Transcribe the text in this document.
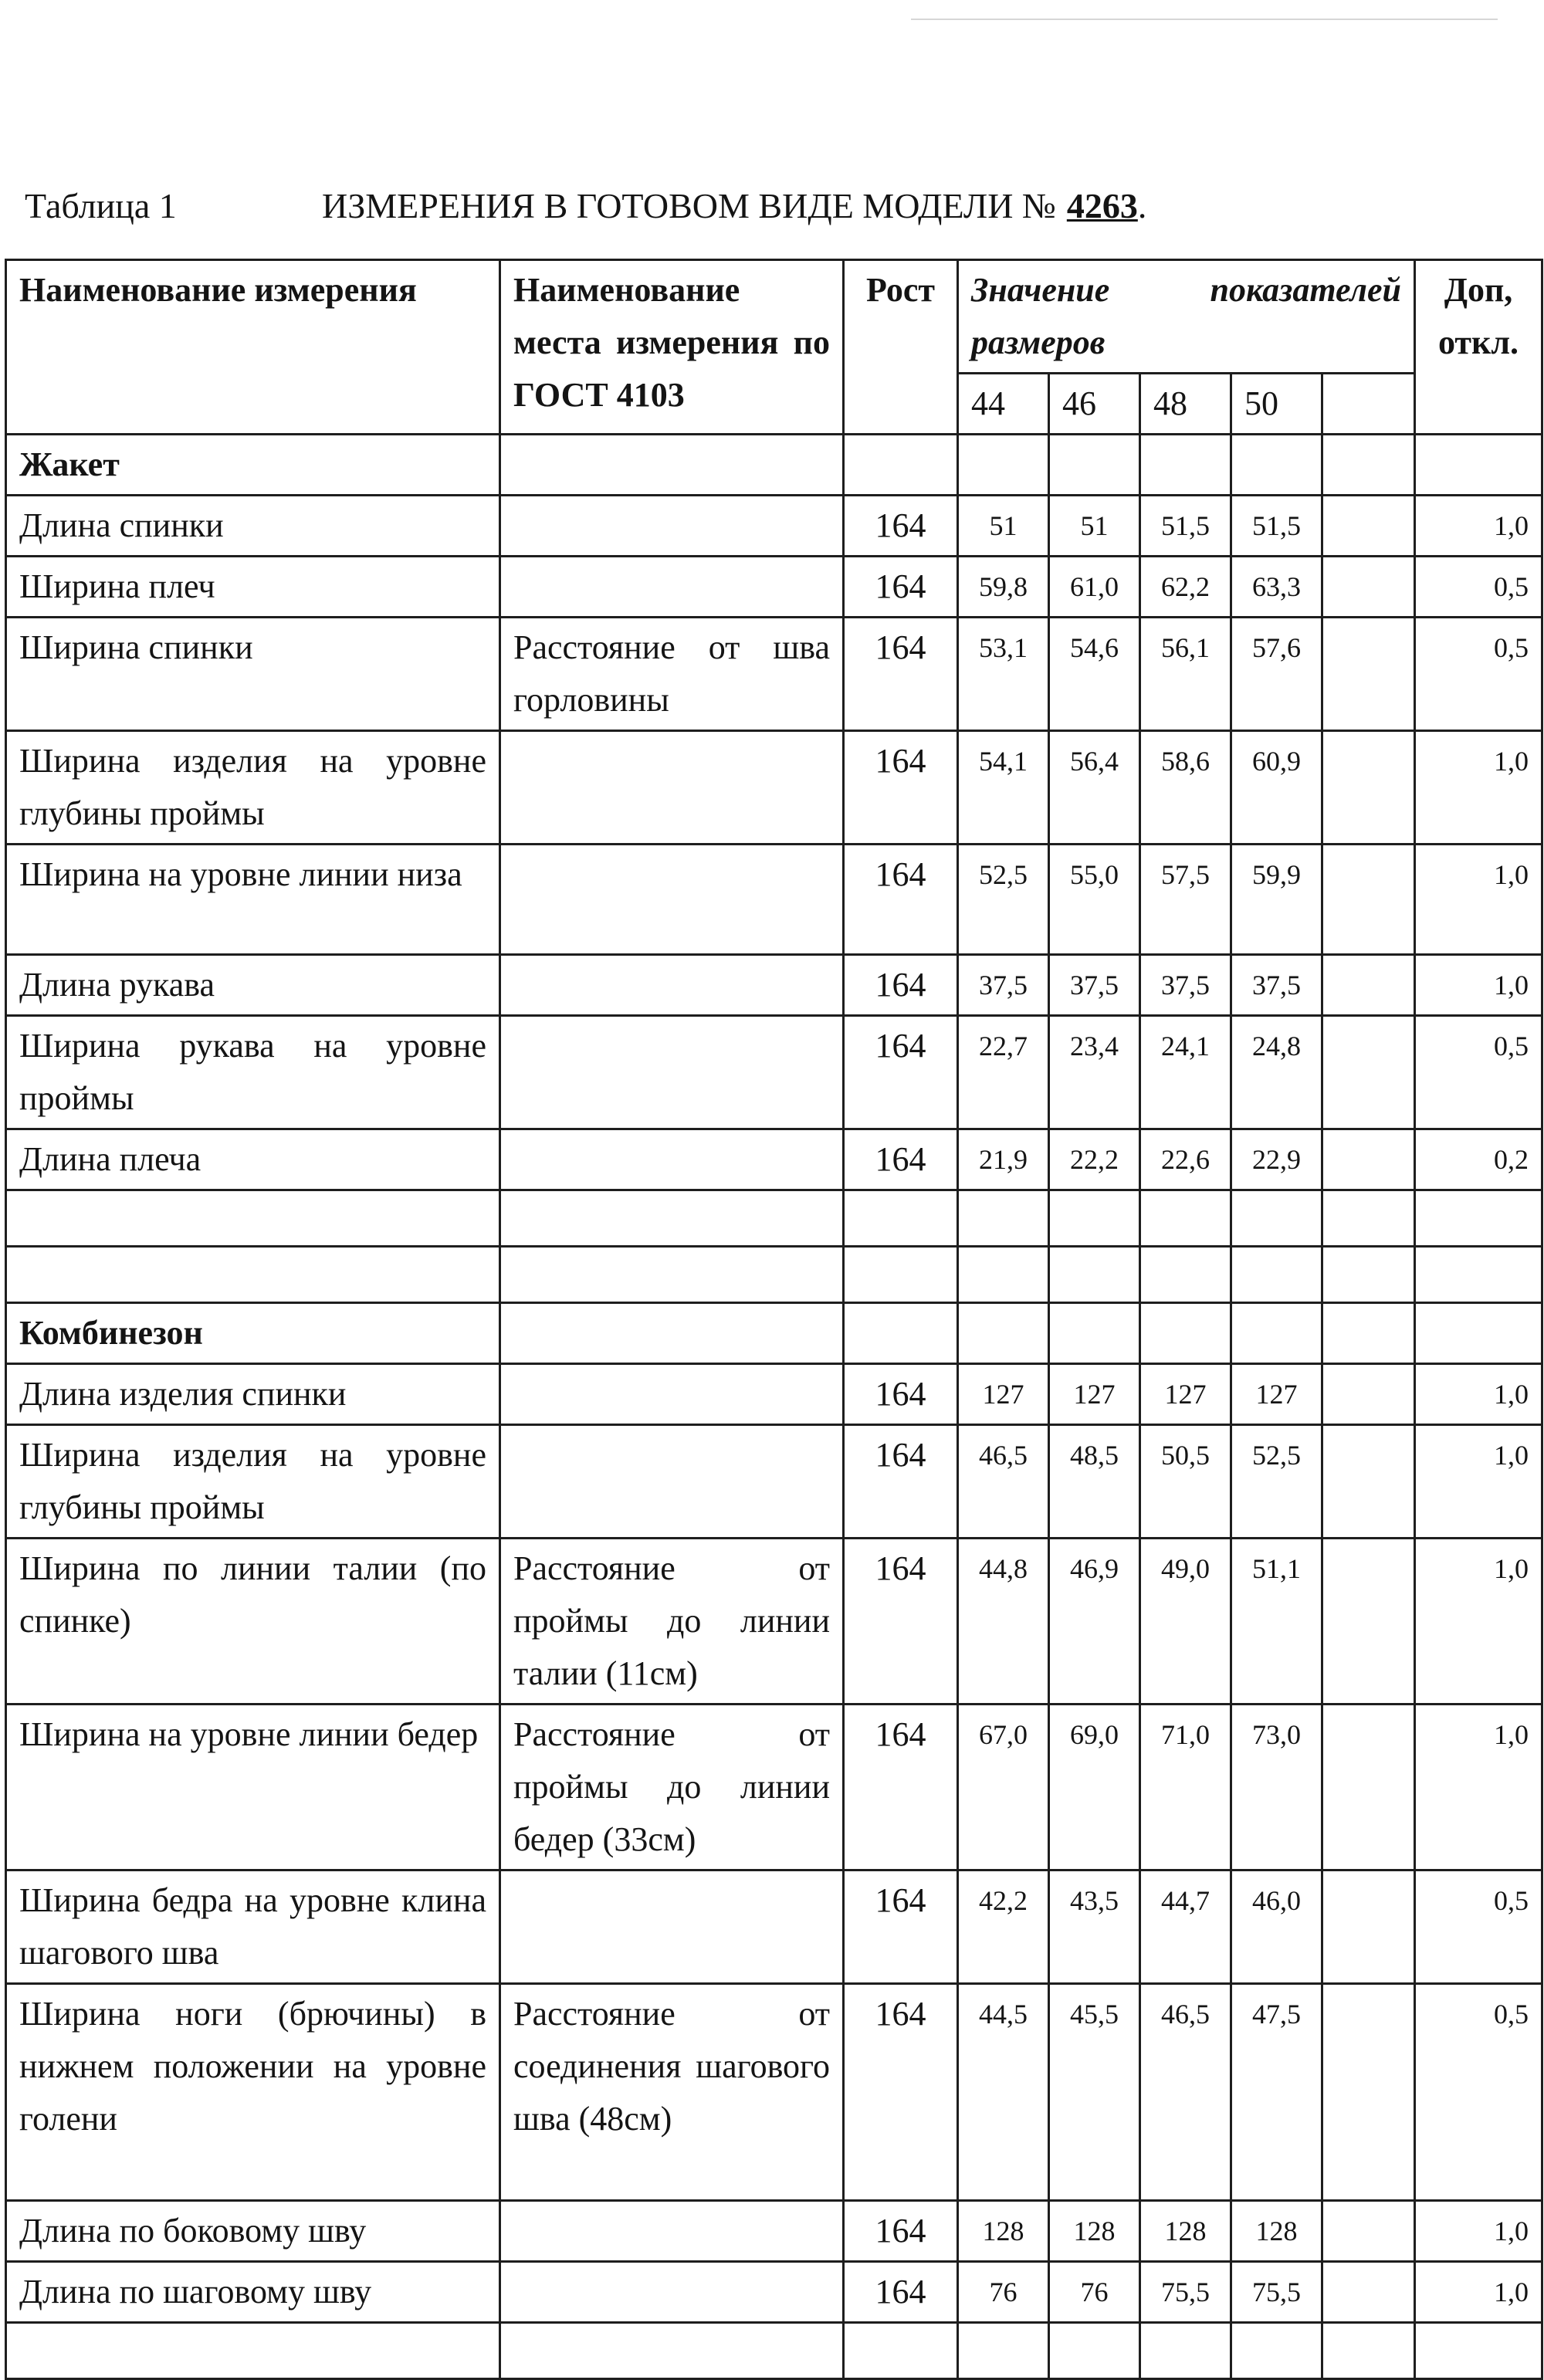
Таблица 1	ИЗМЕРЕНИЯ В ГОТОВОМ ВИДЕ МОДЕЛИ № 4263.
Наименование измерения	Наименование места измерения по ГОСТ 4103	Рост	Значение показателей размеров					Доп, откл.
			44	46	48	50		
Жакет								
Длина спинки		164	51	51	51,5	51,5		1,0
Ширина плеч		164	59,8	61,0	62,2	63,3		0,5
Ширина спинки	Расстояние от шва горловины	164	53,1	54,6	56,1	57,6		0,5
Ширина изделия на уровне глубины проймы		164	54,1	56,4	58,6	60,9		1,0
Ширина на уровне линии низа		164	52,5	55,0	57,5	59,9		1,0
Длина рукава		164	37,5	37,5	37,5	37,5		1,0
Ширина рукава на уровне проймы		164	22,7	23,4	24,1	24,8		0,5
Длина плеча		164	21,9	22,2	22,6	22,9		0,2

Комбинезон								
Длина изделия спинки		164	127	127	127	127		1,0
Ширина изделия на уровне глубины проймы		164	46,5	48,5	50,5	52,5		1,0
Ширина по линии талии (по спинке)	Расстояние от проймы до линии талии (11см)	164	44,8	46,9	49,0	51,1		1,0
Ширина на уровне линии бедер	Расстояние от проймы до линии бедер (33см)	164	67,0	69,0	71,0	73,0		1,0
Ширина бедра на уровне клина шагового шва		164	42,2	43,5	44,7	46,0		0,5
Ширина ноги (брючины) в нижнем положении на уровне голени	Расстояние от соединения шагового шва (48см)	164	44,5	45,5	46,5	47,5		0,5
Длина по боковому шву		164	128	128	128	128		1,0
Длина по шаговому шву		164	76	76	75,5	75,5		1,0
